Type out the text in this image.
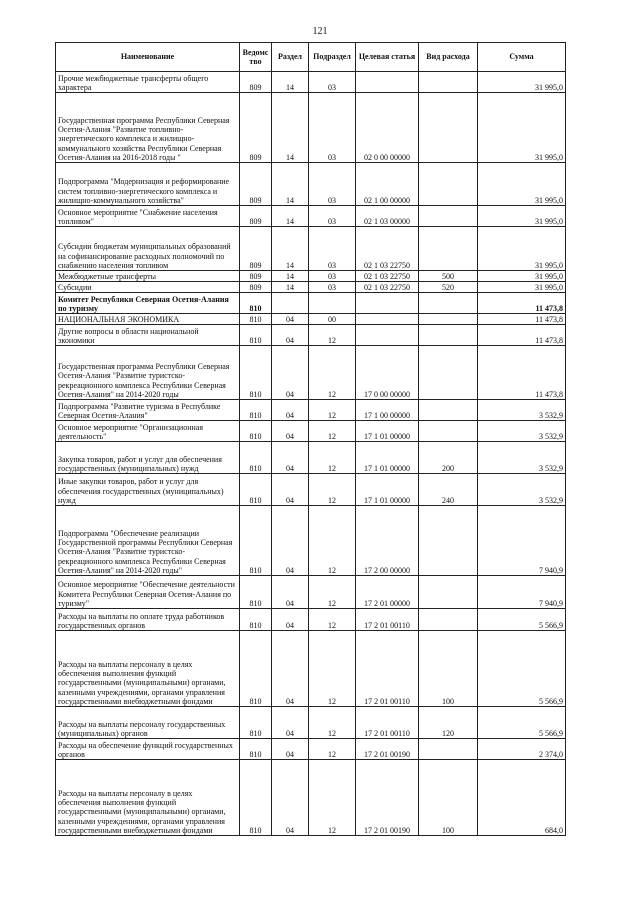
121
Наименование	Ведомс тво	Раздел	Подраздел	Целевая статья	Вид расхода	Сумма
Прочие межбюджетные трансферты общего характера	809	14	03			31 995,0
Государственная программа Республики Северная Осетия-Алания "Развитие топливно-энергетического комплекса и жилищно-коммунального хозяйства Республики Северная Осетия-Алания на 2016-2018 годы "	809	14	03	02 0 00 00000		31 995,0
Подпрограмма "Модернизация и реформирование систем топливно-энергетического комплекса и жилищно-коммунального хозяйства"	809	14	03	02 1 00 00000		31 995,0
Основное мероприятие "Снабжение населения топливом"	809	14	03	02 1 03 00000		31 995,0
Субсидии бюджетам муниципальных образований на софинансирование расходных полномочий по снабжению населения топливом	809	14	03	02 1 03 22750		31 995,0
Межбюджетные трансферты	809	14	03	02 1 03 22750	500	31 995,0
Субсидии	809	14	03	02 1 03 22750	520	31 995,0
Комитет Республики Северная Осетия-Алания по туризму	810					11 473,8
НАЦИОНАЛЬНАЯ ЭКОНОМИКА	810	04	00			11 473,8
Другие вопросы в области национальной экономики	810	04	12			11 473,8
Государственная программа Республики Северная Осетия-Алания "Развитие туристско-рекреационного комплекса Республики Северная Осетия-Алания" на 2014-2020 годы	810	04	12	17 0 00 00000		11 473,8
Подпрограмма "Развитие туризма в Республике Северная Осетия-Алания"	810	04	12	17 1 00 00000		3 532,9
Основное мероприятие "Организационная деятельность"	810	04	12	17 1 01 00000		3 532,9
Закупка товаров, работ и услуг для обеспечения государственных (муниципальных) нужд	810	04	12	17 1 01 00000	200	3 532,9
Иные закупки товаров, работ и услуг для обеспечения государственных (муниципальных) нужд	810	04	12	17 1 01 00000	240	3 532,9
Подпрограмма "Обеспечение реализации Государственной программы Республики Северная Осетия-Алания "Развитие туристско-рекреационного комплекса Республики Северная Осетия-Алания" на 2014-2020 годы"	810	04	12	17 2 00 00000		7 940,9
Основное мероприятие "Обеспечение деятельности Комитета Республики Северная Осетия-Алания по туризму"	810	04	12	17 2 01 00000		7 940,9
Расходы на выплаты по оплате труда работников государственных органов	810	04	12	17 2 01 00110		5 566,9
Расходы на выплаты персоналу в целях обеспечения выполнения функций государственными (муниципальными) органами, казенными учреждениями, органами управления государственными внебюджетными фондами	810	04	12	17 2 01 00110	100	5 566,9
Расходы на выплаты персоналу государственных (муниципальных) органов	810	04	12	17 2 01 00110	120	5 566,9
Расходы на обеспечение функций государственных органов	810	04	12	17 2 01 00190		2 374,0
Расходы на выплаты персоналу в целях обеспечения выполнения функций государственными (муниципальными) органами, казенными учреждениями, органами управления государственными внебюджетными фондами	810	04	12	17 2 01 00190	100	684,0
